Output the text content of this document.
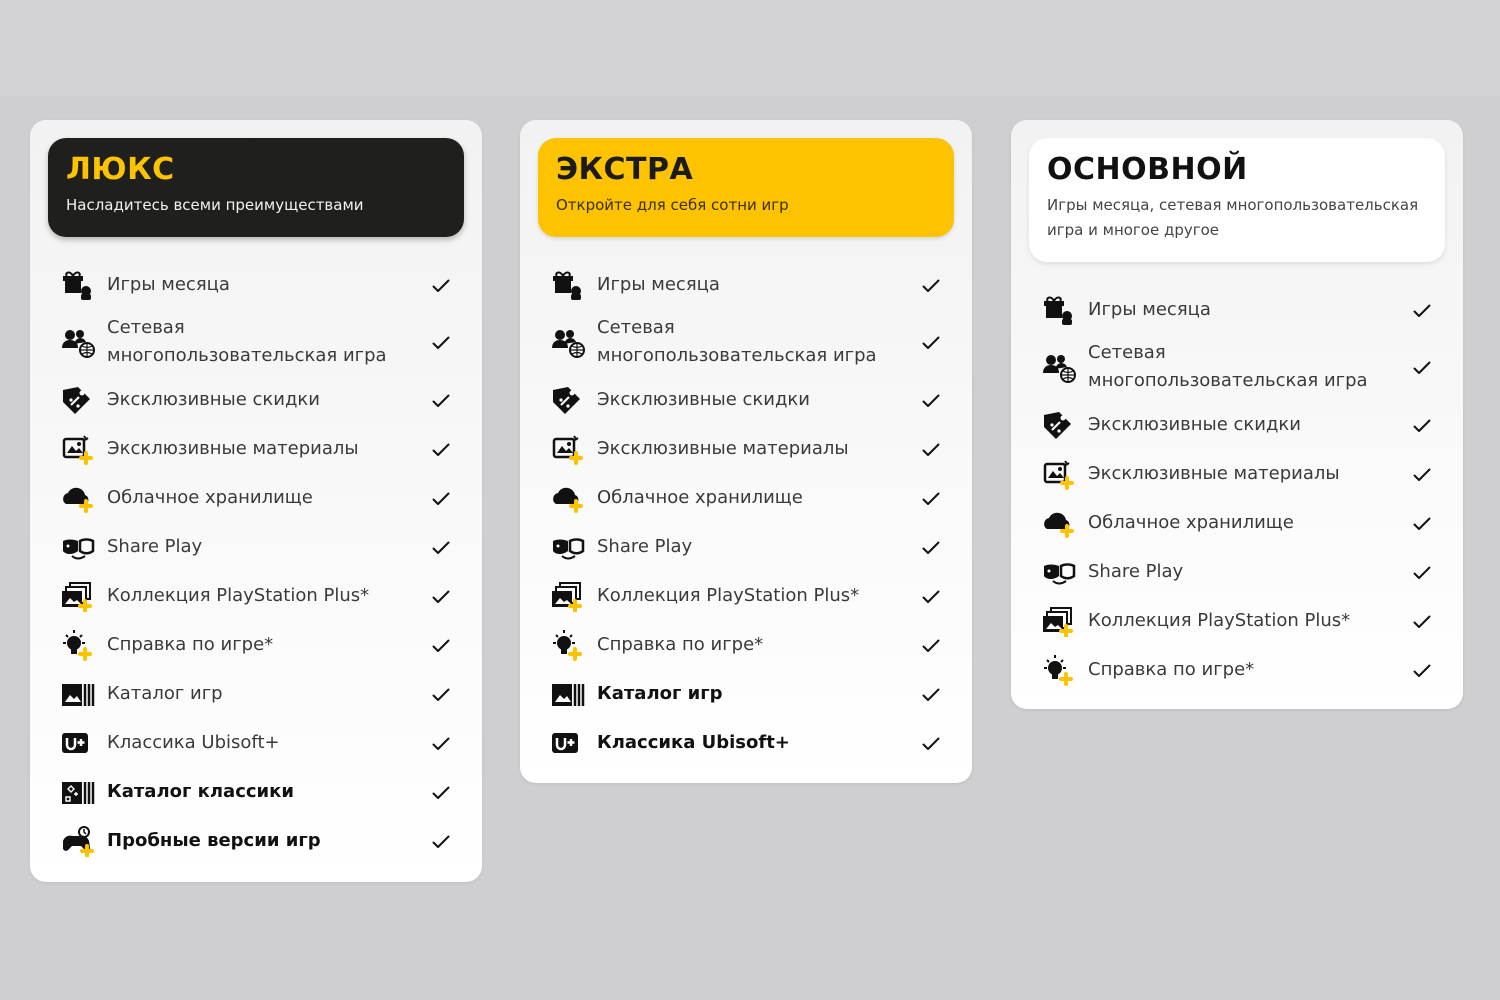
ЛЮКС
Насладитесь всеми преимуществами
Игры месяца
Сетевая многопользовательская игра
Эксклюзивные скидки
Эксклюзивные материалы
Облачное хранилище
Share Play
Коллекция PlayStation Plus*
Справка по игре*
Каталог игр
Классика Ubisoft+
Каталог классики
Пробные версии игр
ЭКСТРА
Откройте для себя сотни игр
Игры месяца
Сетевая многопользовательская игра
Эксклюзивные скидки
Эксклюзивные материалы
Облачное хранилище
Share Play
Коллекция PlayStation Plus*
Справка по игре*
Каталог игр
Классика Ubisoft+
ОСНОВНОЙ
Игры месяца, сетевая многопользовательская игра и многое другое
Игры месяца
Сетевая многопользовательская игра
Эксклюзивные скидки
Эксклюзивные материалы
Облачное хранилище
Share Play
Коллекция PlayStation Plus*
Справка по игре*
